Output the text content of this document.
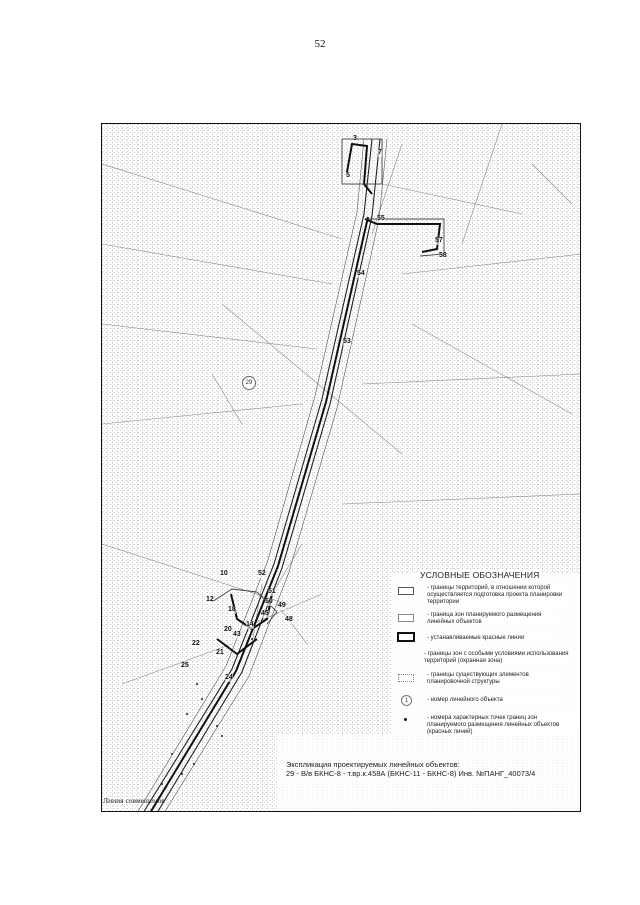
52
3
7
5
55
57
58
54
53
10	52
51
12	50
49
18
45
48
14
20
43
22
21
25
24
29
УСЛОВНЫЕ ОБОЗНАЧЕНИЯ
- границы территорий, в отношении которой осуществляется подготовка проекта планировки территории
- граница зон планируемого размещения линейных объектов
- устанавливаемые красные линии
- границы зон с особыми условиями использования территорий (охранная зона)
- границы существующих элементов планировочной структуры
1	- номер линейного объекта
- номера характерных точек границ зон планируемого размещения линейных объектов (красных линий)
Экспликация проектируемых линейных объектов:
29 - В/в БКНС-8 - т.вр.к.458А (БКНС-11 - БКНС-8) Инв. №ПАНГ_40073/4
Линия совмещения
